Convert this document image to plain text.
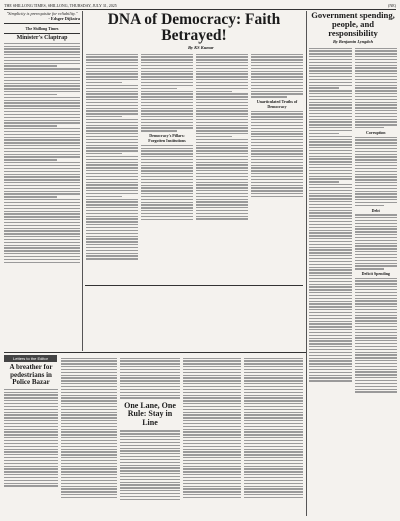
THE SHILLONG TIMES, SHILLONG, THURSDAY, JULY 31, 2025	(NE)
"Simplicity is prerequisite for reliability."
- Edsger Dijkstra
The Shillong Times
Minister's Claptrap
DNA of Democracy: Faith Betrayed!
By KS Kumar
Democracy's Pillars: Forgotten Institutions
Unarticulated Truths of Democracy
Government spending, people, and responsibility
By Benjamin Lyngdoh
Corruption
Debt
Deficit Spending
Letters to the Editor
A breather for pedestrians in Police Bazar
One Lane, One Rule: Stay in Line
